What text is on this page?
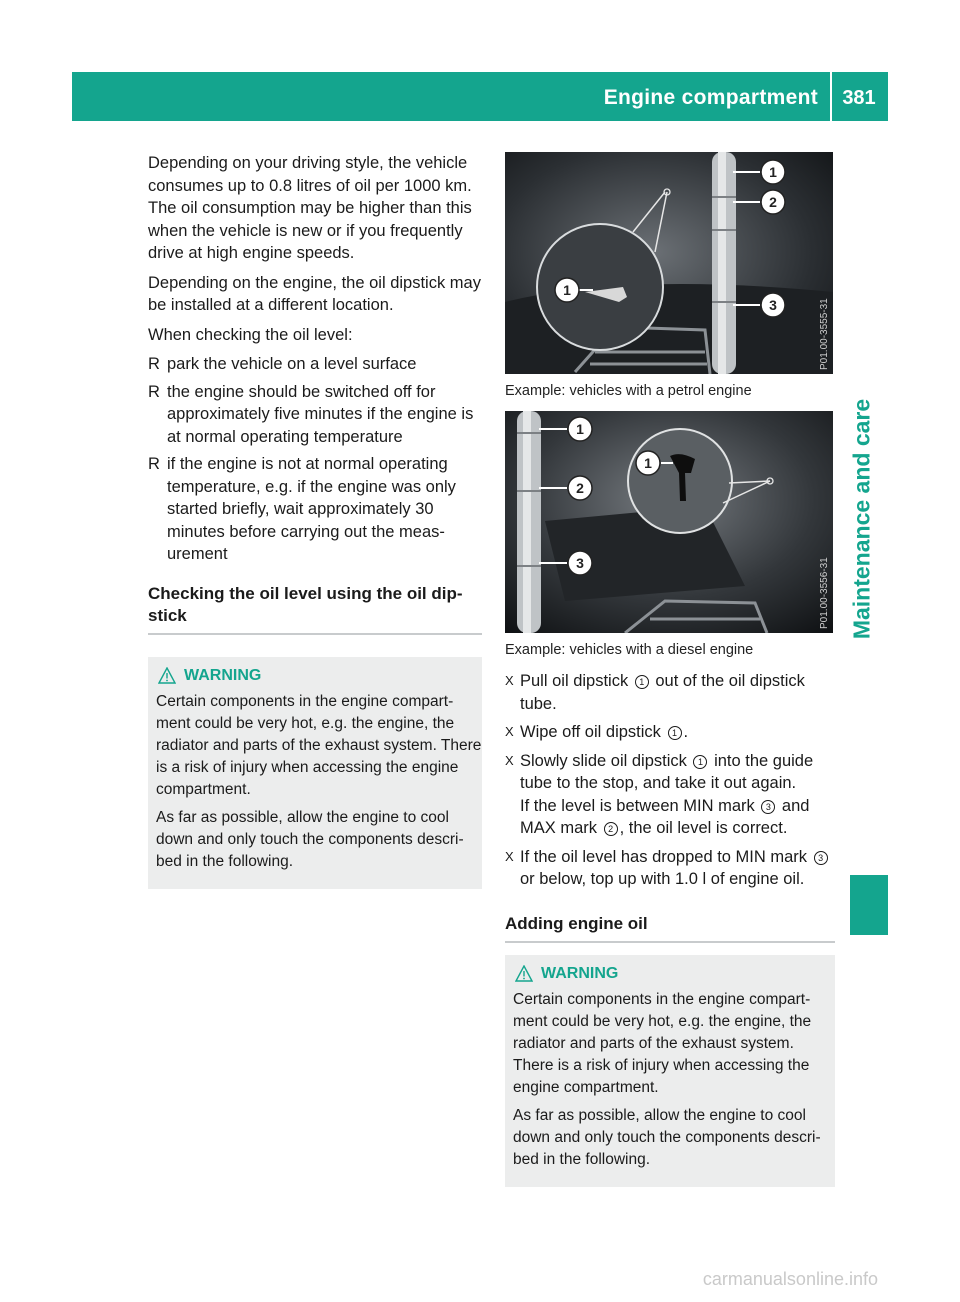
Engine compartment	381
Maintenance and care

Depending on your driving style, the vehicle consumes up to 0.8 litres of oil per 1000 km. The oil consumption may be higher than this when the vehicle is new or if you frequently drive at high engine speeds.

Depending on the engine, the oil dipstick may be installed at a different location.

When checking the oil level:

R park the vehicle on a level surface
R the engine should be switched off for approximately five minutes if the engine is at normal operating temperature
R if the engine is not at normal operating temperature, e.g. if the engine was only started briefly, wait approximately 30 minutes before carrying out the meas-urement
Checking the oil level using the oil dip-stick
WARNING

Certain components in the engine compart-ment could be very hot, e.g. the engine, the radiator and parts of the exhaust system. There is a risk of injury when accessing the engine compartment.

As far as possible, allow the engine to cool down and only touch the components descri-bed in the following.

1
2
3
1
P01.00-3555-31
Example: vehicles with a petrol engine
1
2
3
1
P01.00-3556-31
Example: vehicles with a diesel engine
X Pull oil dipstick 1 out of the oil dipstick tube.
X Wipe off oil dipstick 1 .
X Slowly slide oil dipstick 1 into the guide tube to the stop, and take it out again.
If the level is between MIN mark 3 and MAX mark 2 , the oil level is correct.
X If the oil level has dropped to MIN mark 3 or below, top up with 1.0 l of engine oil.
Adding engine oil
WARNING

Certain components in the engine compart-ment could be very hot, e.g. the engine, the radiator and parts of the exhaust system. There is a risk of injury when accessing the engine compartment.

As far as possible, allow the engine to cool down and only touch the components descri-bed in the following.

carmanualsonline.info
